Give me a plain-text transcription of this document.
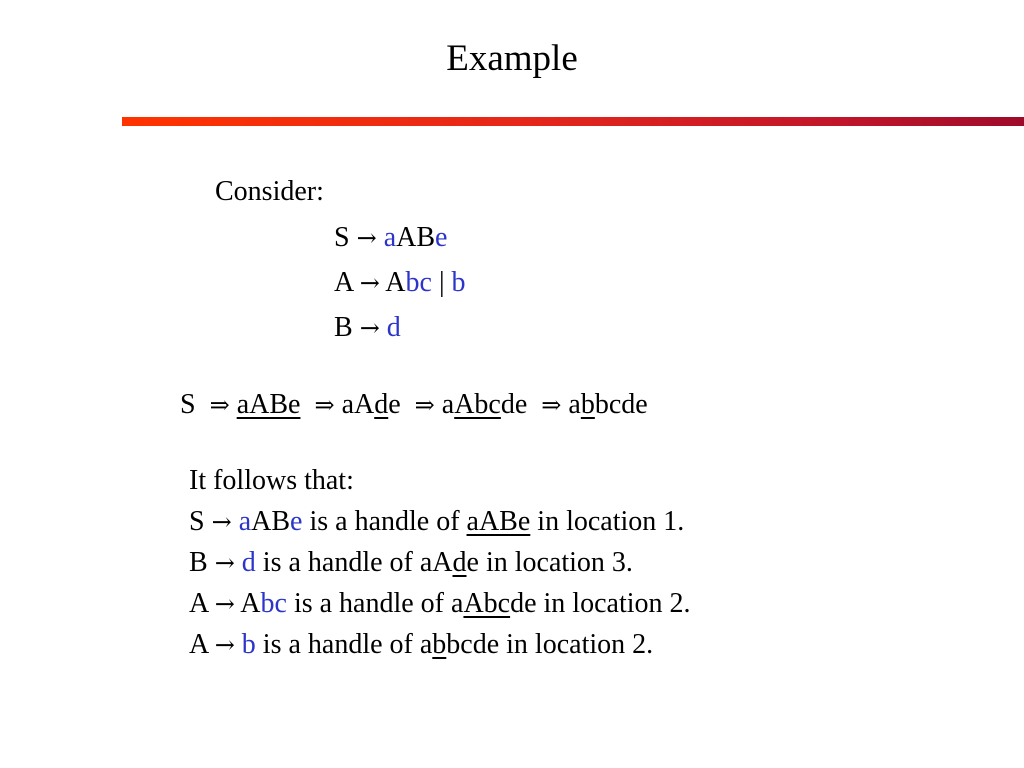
Example
Consider:
S → aABe
A → Abc | b
B → d
S ⇒ aABe ⇒ aAde ⇒ aAbcde ⇒ abbcde
It follows that:
S → aABe is a handle of aABe in location 1.
B → d is a handle of aAde in location 3.
A → Abc is a handle of aAbcde in location 2.
A → b is a handle of abbcde in location 2.
